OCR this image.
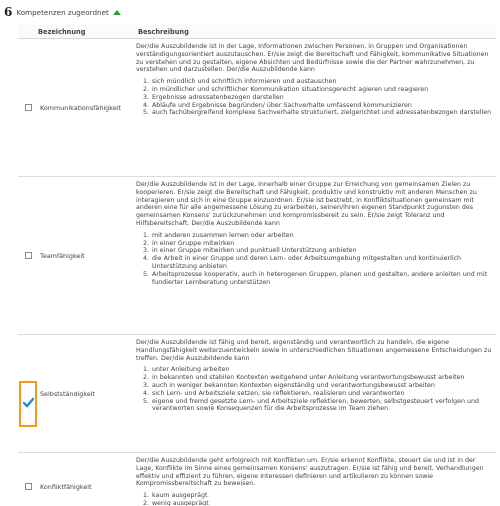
6 Kompetenzen zugeordnet
Bezeichnung	Beschreibung
Kommunikationsfähigkeit
Der/die Auszubildende ist in der Lage, Informationen zwischen Personen, in Gruppen und Organisationen verständigungsorientiert auszutauschen. Er/sie zeigt die Bereitschaft und Fähigkeit, kommunikative Situationen zu verstehen und zu gestalten, eigene Absichten und Bedürfnisse sowie die der Partner wahrzunehmen, zu verstehen und darzustellen. Der/die Auszubildende kann
1. sich mündlich und schriftlich informieren und austauschen
2. in mündlicher und schriftlicher Kommunikation situationsgerecht agieren und reagieren
3. Ergebnisse adressatenbezogen darstellen
4. Abläufe und Ergebnisse begründen/ über Sachverhalte umfassend kommunizieren
5. auch fachübergreifend komplexe Sachverhalte strukturiert, zielgerichtet und adressatenbezogen darstellen
Teamfähigkeit
Der/die Auszubildende ist in der Lage, innerhalb einer Gruppe zur Erreichung von gemeinsamen Zielen zu kooperieren. Er/sie zeigt die Bereitschaft und Fähigkeit, produktiv und konstruktiv mit anderen Menschen zu interagieren und sich in eine Gruppe einzuordnen. Er/sie ist bestrebt, in Konfliktsituationen gemeinsam mit anderen eine für alle angemessene Lösung zu erarbeiten, seinen/ihren eigenen Standpunkt zugunsten des gemeinsamen Konsens' zurückzunehmen und kompromissbereit zu sein. Er/sie zeigt Toleranz und Hilfsbereitschaft. Der/die Auszubildende kann
1. mit anderen zusammen lernen oder arbeiten
2. in einer Gruppe mitwirken
3. in einer Gruppe mitwirken und punktuell Unterstützung anbieten
4. die Arbeit in einer Gruppe und deren Lern- oder Arbeitsumgebung mitgestalten und kontinuierlich Unterstützung anbieten
5. Arbeitsprozesse kooperativ, auch in heterogenen Gruppen, planen und gestalten, andere anleiten und mit fundierter Lernberatung unterstützen
Selbstständigkeit
Der/die Auszubildende ist fähig und bereit, eigenständig und verantwortlich zu handeln, die eigene Handlungsfähigkeit weiterzuentwickeln sowie in unterschiedlichen Situationen angemessene Entscheidungen zu treffen. Der/die Auszubildende kann
1. unter Anleitung arbeiten
2. in bekannten und stabilen Kontexten weitgehend unter Anleitung verantwortungsbewusst arbeiten
3. auch in weniger bekannten Kontexten eigenständig und verantwortungsbewusst arbeiten
4. sich Lern- und Arbeitsziele setzen, sie reflektieren, realisieren und verantworten
5. eigene und fremd gesetzte Lern- und Arbeitsziele reflektieren, bewerten, selbstgesteuert verfolgen und verantworten sowie Konsequenzen für die Arbeitsprozesse im Team ziehen
Konfliktfähigkeit
Der/die Auszubildende geht erfolgreich mit Konflikten um. Er/sie erkennt Konflikte, steuert sie und ist in der Lage, Konflikte im Sinne eines gemeinsamen Konsens' auszutragen. Er/sie ist fähig und bereit, Verhandlungen effektiv und effizient zu führen, eigene Interessen definieren und artikulieren zu können sowie Kompromissbereitschaft zu beweisen.
1. kaum ausgeprägt
2. wenig ausgeprägt
